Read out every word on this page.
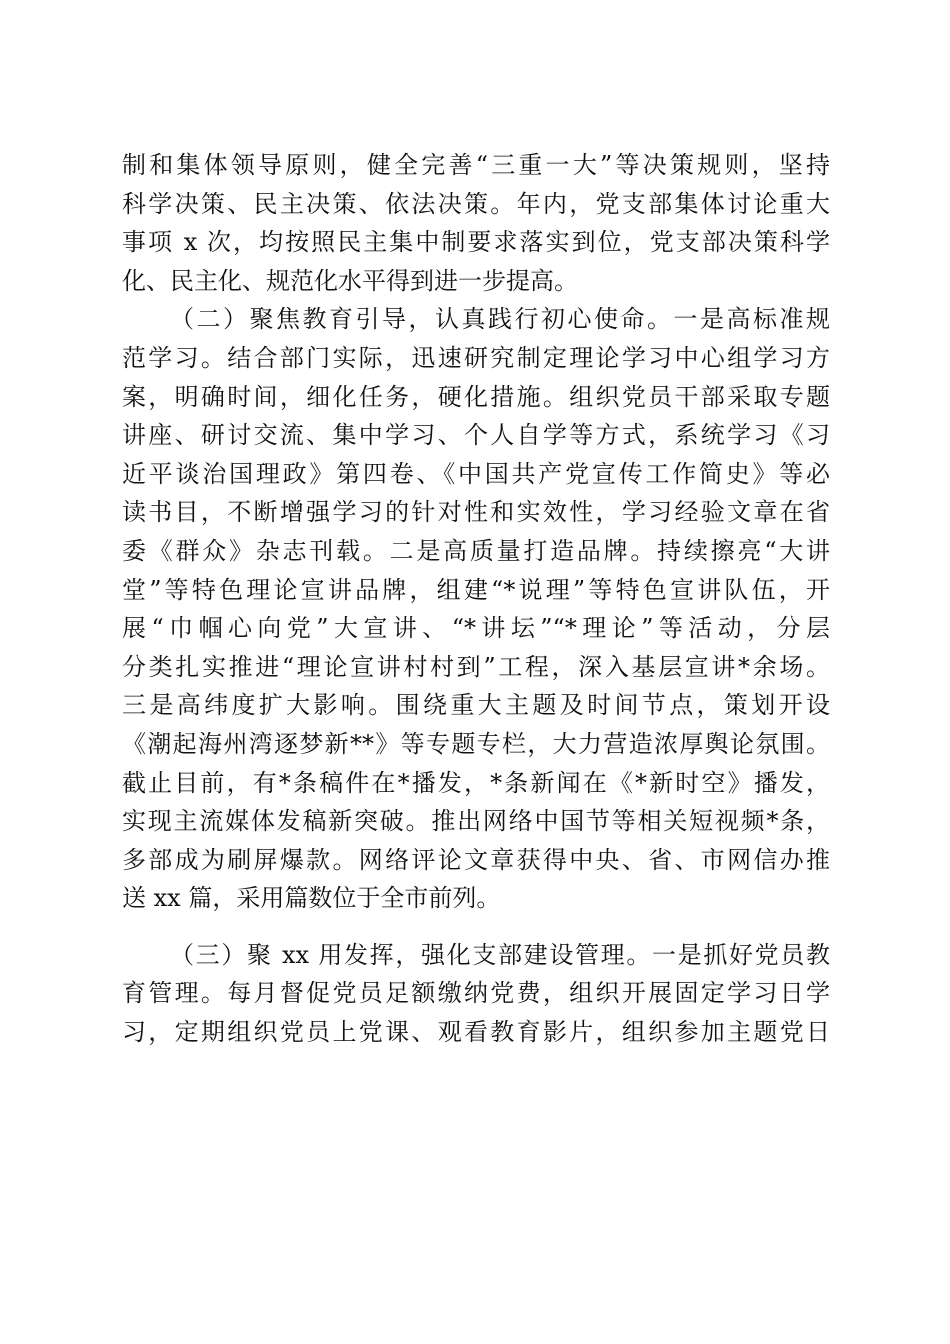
制和集体领导原则，健全完善“三重一大”等决策规则，坚持
科学决策、民主决策、依法决策。年内，党支部集体讨论重大
事项 x 次，均按照民主集中制要求落实到位，党支部决策科学
化、民主化、规范化水平得到进一步提高。
（二）聚焦教育引导，认真践行初心使命。一是高标准规
范学习。结合部门实际，迅速研究制定理论学习中心组学习方
案，明确时间，细化任务，硬化措施。组织党员干部采取专题
讲座、研讨交流、集中学习、个人自学等方式，系统学习《习
近平谈治国理政》第四卷、《中国共产党宣传工作简史》等必
读书目，不断增强学习的针对性和实效性，学习经验文章在省
委《群众》杂志刊载。二是高质量打造品牌。持续擦亮“大讲
堂”等特色理论宣讲品牌，组建“*说理”等特色宣讲队伍，开
展“巾帼心向党”大宣讲、“*讲坛”“*理论”等活动，分层
分类扎实推进“理论宣讲村村到”工程，深入基层宣讲*余场。
三是高纬度扩大影响。围绕重大主题及时间节点，策划开设
《潮起海州湾逐梦新**》等专题专栏，大力营造浓厚舆论氛围。
截止目前，有*条稿件在*播发，*条新闻在《*新时空》播发，
实现主流媒体发稿新突破。推出网络中国节等相关短视频*条，
多部成为刷屏爆款。网络评论文章获得中央、省、市网信办推
送 xx 篇，采用篇数位于全市前列。
（三）聚 xx 用发挥，强化支部建设管理。一是抓好党员教
育管理。每月督促党员足额缴纳党费，组织开展固定学习日学
习，定期组织党员上党课、观看教育影片，组织参加主题党日
